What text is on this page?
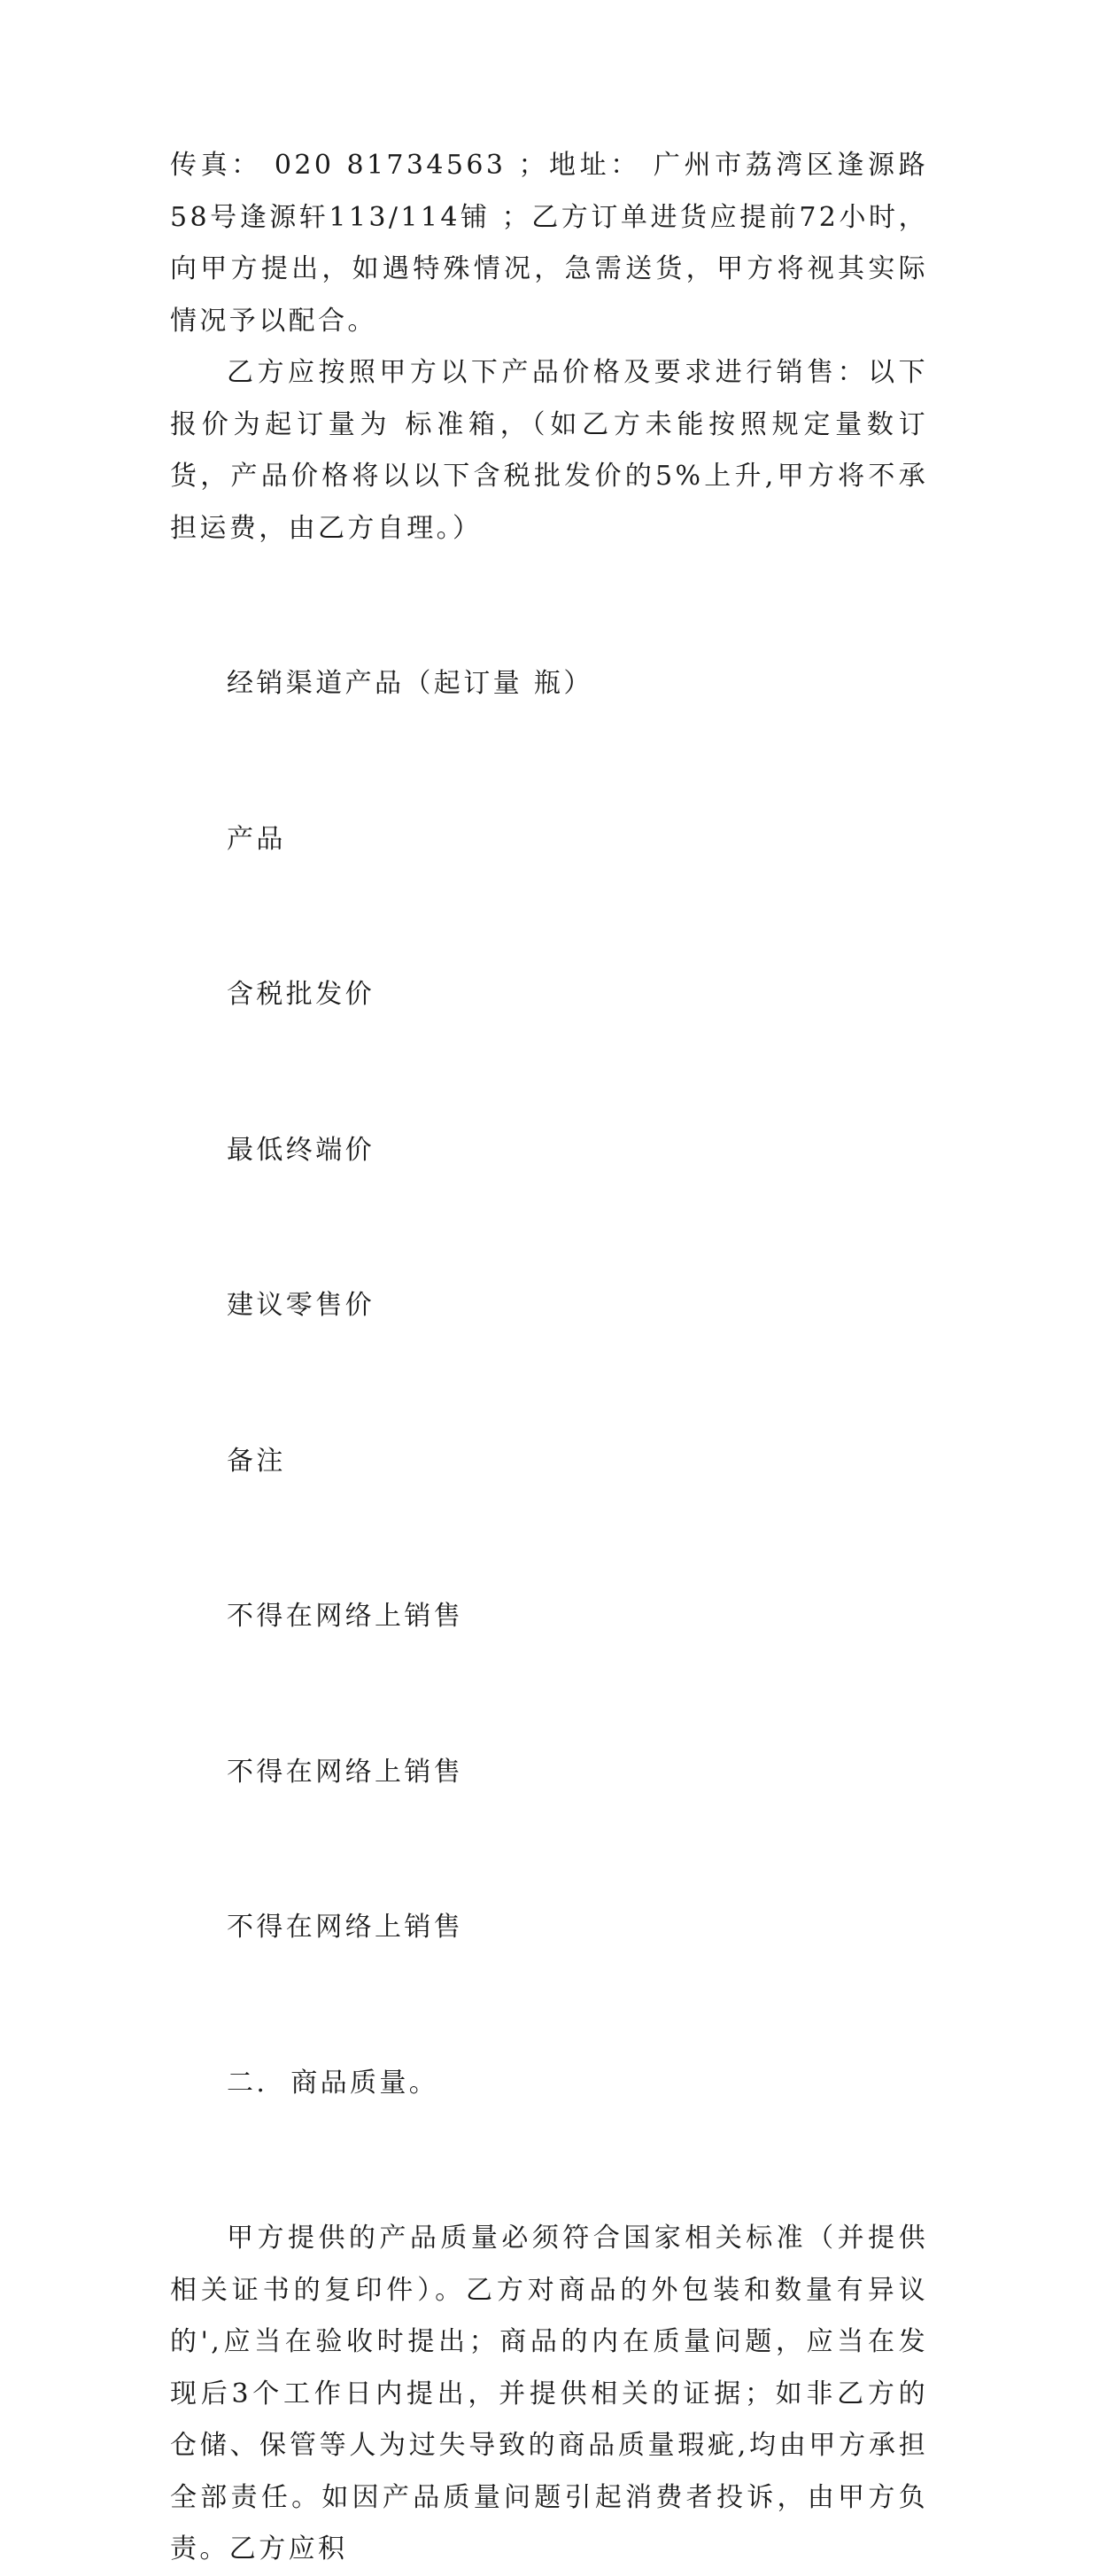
传真： 020 81734563 ；地址： 广州市荔湾区逢源路58号逢源轩113/114铺 ；乙方订单进货应提前72小时，向甲方提出，如遇特殊情况，急需送货，甲方将视其实际情况予以配合。

乙方应按照甲方以下产品价格及要求进行销售：以下报价为起订量为 标准箱，（如乙方未能按照规定量数订货，产品价格将以以下含税批发价的5%上升,甲方将不承担运费，由乙方自理。）

经销渠道产品（起订量 瓶）

产品

含税批发价

最低终端价

建议零售价

备注

不得在网络上销售

不得在网络上销售

不得在网络上销售

二.  商品质量。

甲方提供的产品质量必须符合国家相关标准（并提供相关证书的复印件）。乙方对商品的外包装和数量有异议的',应当在验收时提出；商品的内在质量问题，应当在发现后3个工作日内提出，并提供相关的证据；如非乙方的仓储、保管等人为过失导致的商品质量瑕疵,均由甲方承担全部责任。如因产品质量问题引起消费者投诉，由甲方负责。乙方应积
